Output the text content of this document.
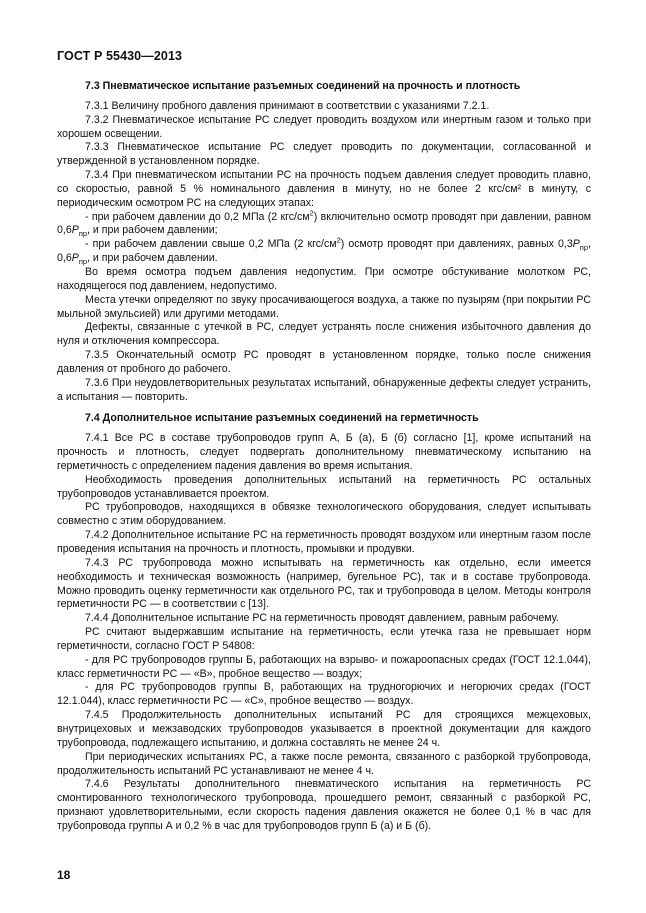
ГОСТ Р 55430—2013

7.3 Пневматическое испытание разъемных соединений на прочность и плотность

7.3.1 Величину пробного давления принимают в соответствии с указаниями 7.2.1.

7.3.2 Пневматическое испытание РС следует проводить воздухом или инертным газом и только при хорошем освещении.

7.3.3 Пневматическое испытание РС следует проводить по документации, согласованной и утвержденной в установленном порядке.

7.3.4 При пневматическом испытании РС на прочность подъем давления следует проводить плавно, со скоростью, равной 5 % номинального давления в минуту, но не более 2 кгс/см² в минуту, с периодическим осмотром РС на следующих этапах:

- при рабочем давлении до 0,2 МПа (2 кгс/$см^2$) включительно осмотр проводят при давлении, равном $0,6P_{пр}$, и при рабочем давлении;

- при рабочем давлении свыше 0,2 МПа (2 кгс/$см^2$) осмотр проводят при давлениях, равных $0,3P_{пр}$, $0,6P_{пр}$, и при рабочем давлении.

Во время осмотра подъем давления недопустим. При осмотре обстукивание молотком РС, находящегося под давлением, недопустимо.

Места утечки определяют по звуку просачивающегося воздуха, а также по пузырям (при покрытии РС мыльной эмульсией) или другими методами.

Дефекты, связанные с утечкой в РС, следует устранять после снижения избыточного давления до нуля и отключения компрессора.

7.3.5 Окончательный осмотр РС проводят в установленном порядке, только после снижения давления от пробного до рабочего.

7.3.6 При неудовлетворительных результатах испытаний, обнаруженные дефекты следует устранить, а испытания — повторить.

7.4 Дополнительное испытание разъемных соединений на герметичность

7.4.1 Все РС в составе трубопроводов групп А, Б (а), Б (б) согласно [1], кроме испытаний на прочность и плотность, следует подвергать дополнительному пневматическому испытанию на герметичность с определением падения давления во время испытания.

Необходимость проведения дополнительных испытаний на герметичность РС остальных трубопроводов устанавливается проектом.

РС трубопроводов, находящихся в обвязке технологического оборудования, следует испытывать совместно с этим оборудованием.

7.4.2 Дополнительное испытание РС на герметичность проводят воздухом или инертным газом после проведения испытания на прочность и плотность, промывки и продувки.

7.4.3 РС трубопровода можно испытывать на герметичность как отдельно, если имеется необходимость и техническая возможность (например, бугельное РС), так и в составе трубопровода. Можно проводить оценку герметичности как отдельного РС, так и трубопровода в целом. Методы контроля герметичности РС — в соответствии с [13].

7.4.4 Дополнительное испытание РС на герметичность проводят давлением, равным рабочему.

РС считают выдержавшим испытание на герметичность, если утечка газа не превышает норм герметичности, согласно ГОСТ Р 54808:

- для РС трубопроводов группы Б, работающих на взрыво- и пожароопасных средах (ГОСТ 12.1.044), класс герметичности РС — «В», пробное вещество — воздух;

- для РС трубопроводов группы В, работающих на трудногорючих и негорючих средах (ГОСТ 12.1.044), класс герметичности РС — «С», пробное вещество — воздух.

7.4.5 Продолжительность дополнительных испытаний РС для строящихся межцеховых, внутрицеховых и межзаводских трубопроводов указывается в проектной документации для каждого трубопровода, подлежащего испытанию, и должна составлять не менее 24 ч.

При периодических испытаниях РС, а также после ремонта, связанного с разборкой трубопровода, продолжительность испытаний РС устанавливают не менее 4 ч.

7.4.6 Результаты дополнительного пневматического испытания на герметичность РС смонтированного технологического трубопровода, прошедшего ремонт, связанный с разборкой РС, признают удовлетворительными, если скорость падения давления окажется не более 0,1 % в час для трубопровода группы А и 0,2 % в час для трубопроводов групп Б (а) и Б (б).

18
